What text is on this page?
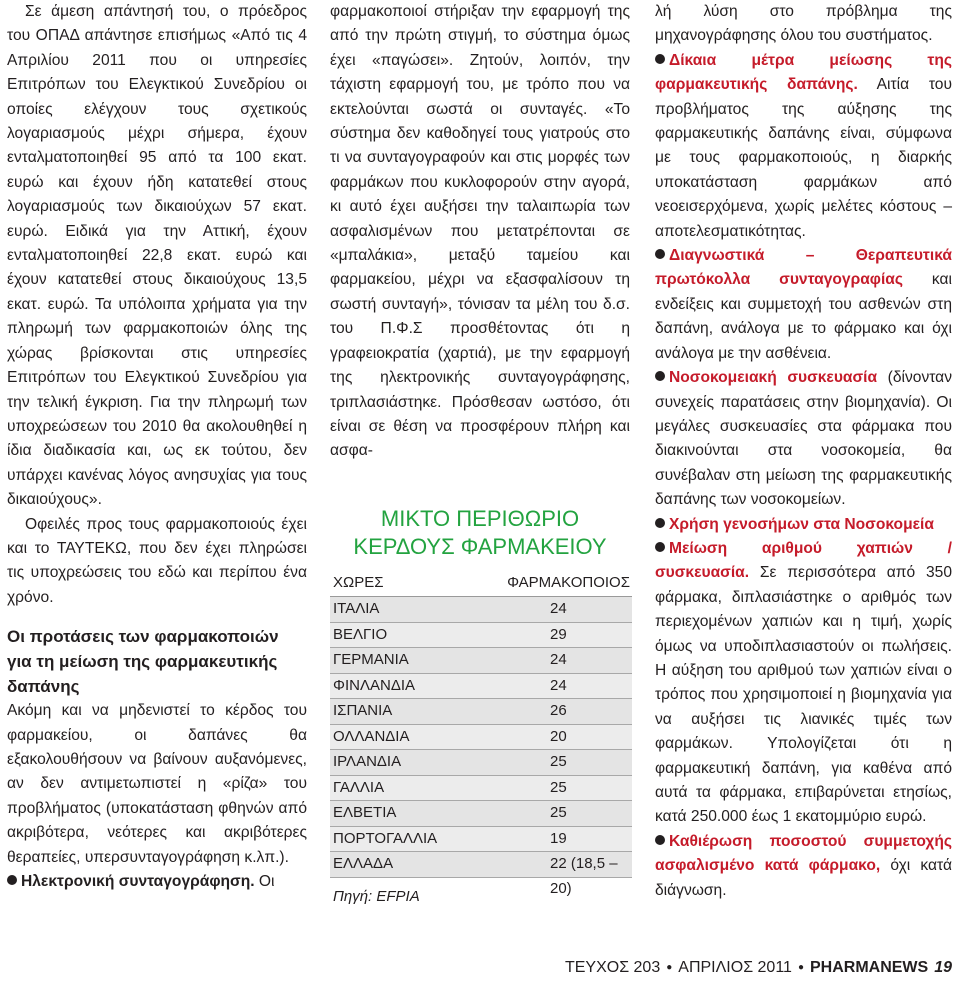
Σε άμεση απάντησή του, ο πρόεδρος του ΟΠΑΔ απάντησε επισήμως «Από τις 4 Απριλίου 2011 που οι υπηρεσίες Επιτρόπων του Ελεγκτικού Συνεδρίου οι οποίες ελέγχουν τους σχετικούς λογαριασμούς μέχρι σήμερα, έχουν ενταλματοποιηθεί 95 από τα 100 εκατ. ευρώ και έχουν ήδη κατατεθεί στους λογαριασμούς των δικαιούχων 57 εκατ. ευρώ. Ειδικά για την Αττική, έχουν ενταλματοποιηθεί 22,8 εκατ. ευρώ και έχουν κατατεθεί στους δικαιούχους 13,5 εκατ. ευρώ. Τα υπόλοιπα χρήματα για την πληρωμή των φαρμακοποιών όλης της χώρας βρίσκονται στις υπηρεσίες Επιτρόπων του Ελεγκτικού Συνεδρίου για την τελική έγκριση. Για την πληρωμή των υποχρεώσεων του 2010 θα ακολουθηθεί η ίδια διαδικασία και, ως εκ τούτου, δεν υπάρχει κανένας λόγος ανησυχίας για τους δικαιούχους».

Οφειλές προς τους φαρμακοποιούς έχει και το ΤΑΥΤΕΚΩ, που δεν έχει πληρώσει τις υποχρεώσεις του εδώ και περίπου ένα χρόνο.

Οι προτάσεις των φαρμακοποιών για τη μείωση της φαρμακευτικής δαπάνης

Ακόμη και να μηδενιστεί το κέρδος του φαρμακείου, οι δαπάνες θα εξακολουθήσουν να βαίνουν αυξανόμενες, αν δεν αντιμετωπιστεί η «ρίζα» του προβλήματος (υποκατάσταση φθηνών από ακριβότερα, νεότερες και ακριβότερες θεραπείες, υπερσυνταγογράφηση κ.λπ.).

Ηλεκτρονική συνταγογράφηση. Οι

φαρμακοποιοί στήριξαν την εφαρμογή της από την πρώτη στιγμή, το σύστημα όμως έχει «παγώσει». Ζητούν, λοιπόν, την τάχιστη εφαρμογή του, με τρόπο που να εκτελούνται σωστά οι συνταγές. «Το σύστημα δεν καθοδηγεί τους γιατρούς στο τι να συνταγογραφούν και στις μορφές των φαρμάκων που κυκλοφορούν στην αγορά, κι αυτό έχει αυξήσει την ταλαιπωρία των ασφαλισμένων που μετατρέπονται σε «μπαλάκια», μεταξύ ταμείου και φαρμακείου, μέχρι να εξασφαλίσουν τη σωστή συνταγή», τόνισαν τα μέλη του δ.σ. του Π.Φ.Σ προσθέτοντας ότι η γραφειοκρατία (χαρτιά), με την εφαρμογή της ηλεκτρονικής συνταγογράφησης, τριπλασιάστηκε. Πρόσθεσαν ωστόσο, ότι είναι σε θέση να προσφέρουν πλήρη και ασφα-

ΜΙΚΤΟ ΠΕΡΙΘΩΡΙΟ
ΚΕΡΔΟΥΣ ΦΑΡΜΑΚΕΙΟΥ
ΧΩΡΕΣ	ΦΑΡΜΑΚΟΠΟΙΟΣ
ΙΤΑΛΙΑ	24
ΒΕΛΓΙΟ	29
ΓΕΡΜΑΝΙΑ	24
ΦΙΝΛΑΝΔΙΑ	24
ΙΣΠΑΝΙΑ	26
ΟΛΛΑΝΔΙΑ	20
ΙΡΛΑΝΔΙΑ	25
ΓΑΛΛΙΑ	25
ΕΛΒΕΤΙΑ	25
ΠΟΡΤΟΓΑΛΛΙΑ	19
ΕΛΛΑΔΑ	22 (18,5 – 20)
Πηγή: EFPIA

λή λύση στο πρόβλημα της μηχανογράφησης όλου του συστήματος.

Δίκαια μέτρα μείωσης της φαρμακευτικής δαπάνης. Αιτία του προβλήματος της αύξησης της φαρμακευτικής δαπάνης είναι, σύμφωνα με τους φαρμακοποιούς, η διαρκής υποκατάσταση φαρμάκων από νεοεισερχόμενα, χωρίς μελέτες κόστους – αποτελεσματικότητας.

Διαγνωστικά – Θεραπευτικά πρωτόκολλα συνταγογραφίας και ενδείξεις και συμμετοχή του ασθενών στη δαπάνη, ανάλογα με το φάρμακο και όχι ανάλογα με την ασθένεια.

Νοσοκομειακή συσκευασία (δίνονταν συνεχείς παρατάσεις στην βιομηχανία). Οι μεγάλες συσκευασίες στα φάρμακα που διακινούνται στα νοσοκομεία, θα συνέβαλαν στη μείωση της φαρμακευτικής δαπάνης των νοσοκομείων.

Χρήση γενοσήμων στα Νοσοκομεία

Μείωση αριθμού χαπιών / συσκευασία. Σε περισσότερα από 350 φάρμακα, διπλασιάστηκε ο αριθμός των περιεχομένων χαπιών και η τιμή, χωρίς όμως να υποδιπλασιαστούν οι πωλήσεις. Η αύξηση του αριθμού των χαπιών είναι ο τρόπος που χρησιμοποιεί η βιομηχανία για να αυξήσει τις λιανικές τιμές των φαρμάκων. Υπολογίζεται ότι η φαρμακευτική δαπάνη, για καθένα από αυτά τα φάρμακα, επιβαρύνεται ετησίως, κατά 250.000 έως 1 εκατομμύριο ευρώ.

Καθιέρωση ποσοστού συμμετοχής ασφαλισμένο κατά φάρμακο, όχι κατά διάγνωση.

ΤΕΥΧΟΣ 203 ● ΑΠΡΙΛΙΟΣ 2011 ● PHARMANEWS 19
